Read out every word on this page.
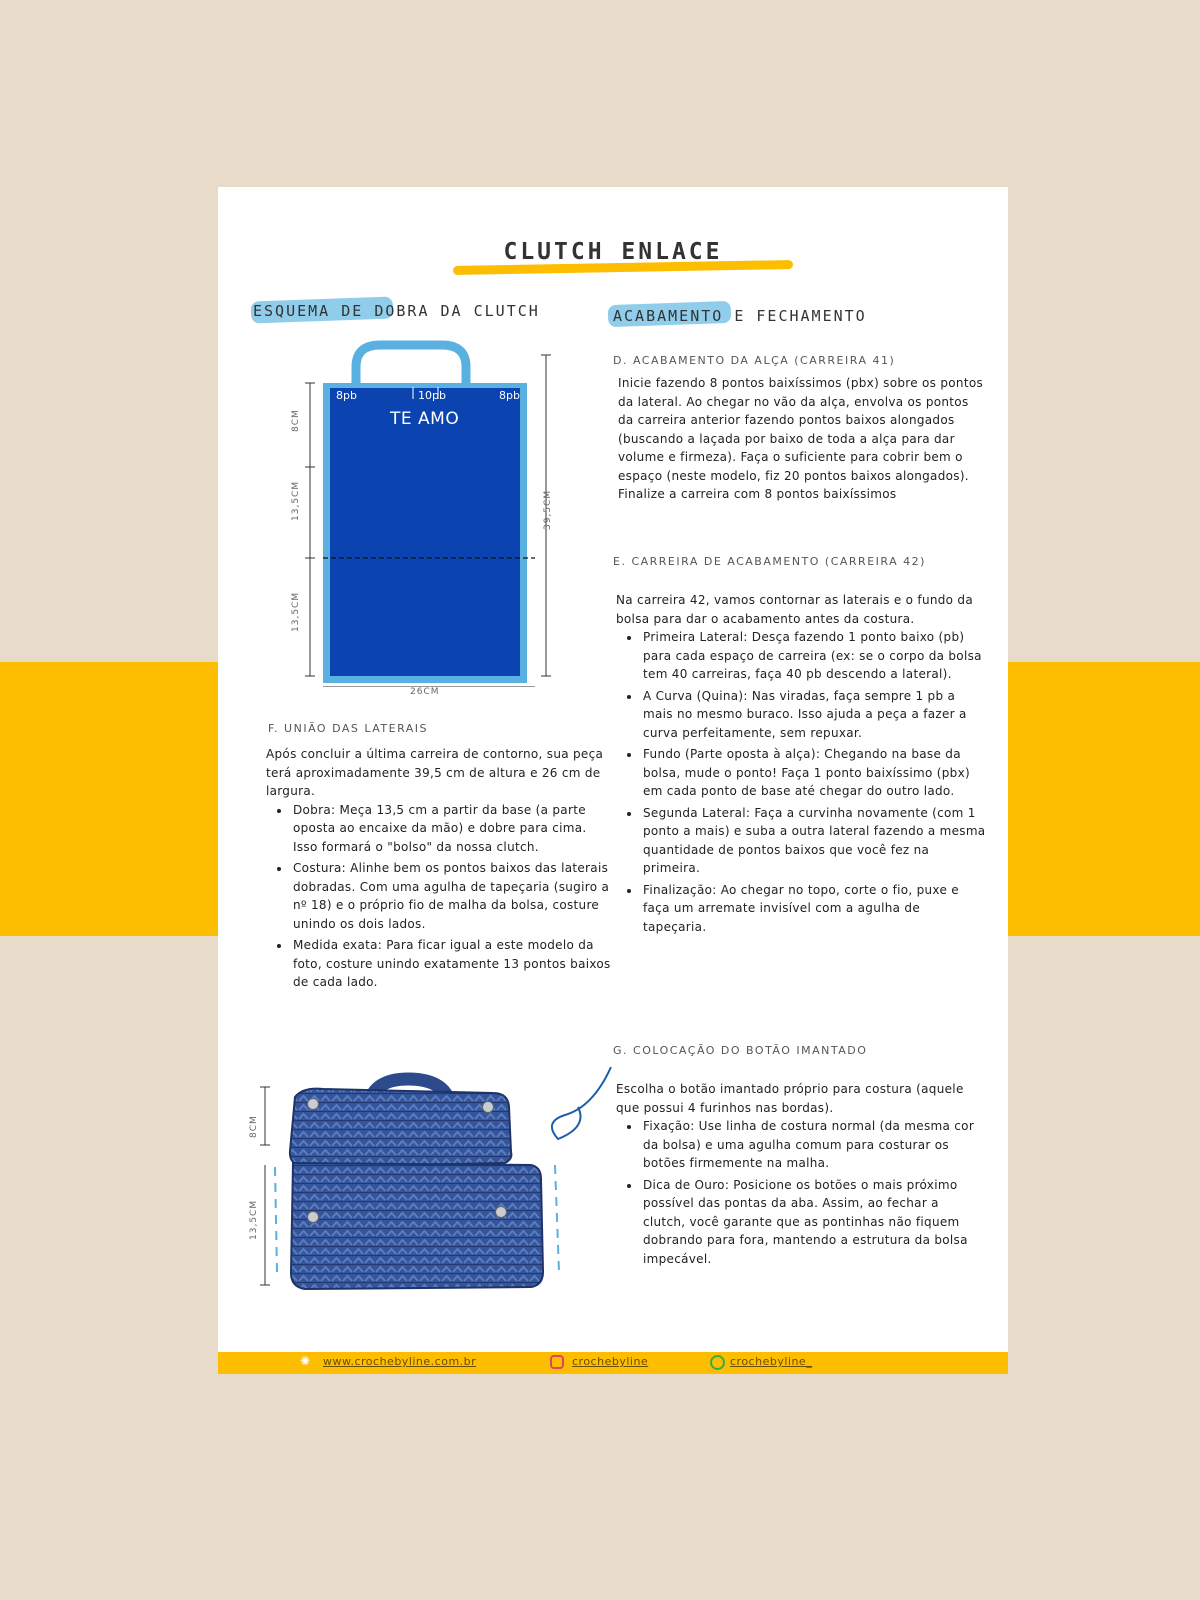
CLUTCH ENLACE
ESQUEMA DE DOBRA DA CLUTCH	ACABAMENTO E FECHAMENTO
8pb	10pb	8pb
TE AMO
8CM
13,5CM
13,5CM
39,5CM
26CM
D. ACABAMENTO DA ALÇA (CARREIRA 41)

Inicie fazendo 8 pontos baixíssimos (pbx) sobre os pontos da lateral. Ao chegar no vão da alça, envolva os pontos da carreira anterior fazendo pontos baixos alongados (buscando a laçada por baixo de toda a alça para dar volume e firmeza). Faça o suficiente para cobrir bem o espaço (neste modelo, fiz 20 pontos baixos alongados). Finalize a carreira com 8 pontos baixíssimos

E. CARREIRA DE ACABAMENTO (CARREIRA 42)

Na carreira 42, vamos contornar as laterais e o fundo da bolsa para dar o acabamento antes da costura.

• Primeira Lateral: Desça fazendo 1 ponto baixo (pb) para cada espaço de carreira (ex: se o corpo da bolsa tem 40 carreiras, faça 40 pb descendo a lateral).
• A Curva (Quina): Nas viradas, faça sempre 1 pb a mais no mesmo buraco. Isso ajuda a peça a fazer a curva perfeitamente, sem repuxar.
• Fundo (Parte oposta à alça): Chegando na base da bolsa, mude o ponto! Faça 1 ponto baixíssimo (pbx) em cada ponto de base até chegar do outro lado.
• Segunda Lateral: Faça a curvinha novamente (com 1 ponto a mais) e suba a outra lateral fazendo a mesma quantidade de pontos baixos que você fez na primeira.
• Finalização: Ao chegar no topo, corte o fio, puxe e faça um arremate invisível com a agulha de tapeçaria.
F. UNIÃO DAS LATERAIS

Após concluir a última carreira de contorno, sua peça terá aproximadamente 39,5 cm de altura e 26 cm de largura.

• Dobra: Meça 13,5 cm a partir da base (a parte oposta ao encaixe da mão) e dobre para cima. Isso formará o "bolso" da nossa clutch.
• Costura: Alinhe bem os pontos baixos das laterais dobradas. Com uma agulha de tapeçaria (sugiro a nº 18) e o próprio fio de malha da bolsa, costure unindo os dois lados.
• Medida exata: Para ficar igual a este modelo da foto, costure unindo exatamente 13 pontos baixos de cada lado.
G. COLOCAÇÃO DO BOTÃO IMANTADO

Escolha o botão imantado próprio para costura (aquele que possui 4 furinhos nas bordas).

• Fixação: Use linha de costura normal (da mesma cor da bolsa) e uma agulha comum para costurar os botões firmemente na malha.
• Dica de Ouro: Posicione os botões o mais próximo possível das pontas da aba. Assim, ao fechar a clutch, você garante que as pontinhas não fiquem dobrando para fora, mantendo a estrutura da bolsa impecável.
8CM
13,5CM
✺ www.crochebyline.com.br	crochebyline	crochebyline_
